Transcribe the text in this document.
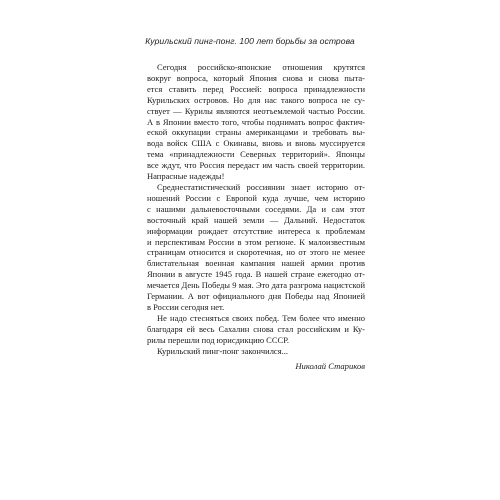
Курильский пинг-понг. 100 лет борьбы за острова
Сегодня российско-японские отношения крутятся
вокруг вопроса, который Япония снова и снова пыта-
ется ставить перед Россией: вопроса принадлежности
Курильских островов. Но для нас такого вопроса не су-
ствует — Курилы являются неотъемлемой частью России.
А в Японии вместо того, чтобы поднимать вопрос фактич-
еской оккупации страны американцами и требовать вы-
вода войск США с Окинавы, вновь и вновь муссируется
тема «принадлежности Северных территорий». Японцы
все ждут, что Россия передаст им часть своей территории.
Напрасные надежды!
Среднестатистический россиянин знает историю от-
ношений России с Европой куда лучше, чем историю
с нашими дальневосточными соседями. Да и сам этот
восточный край нашей земли — Дальний. Недостаток
информации рождает отсутствие интереса к проблемам
и перспективам России в этом регионе. К малоизвестным
страницам относится и скоротечная, но от этого не менее
блистательная военная кампания нашей армии против
Японии в августе 1945 года. В нашей стране ежегодно от-
мечается День Победы 9 мая. Это дата разгрома нацистской
Германии. А вот официального дня Победы над Японией
в России сегодня нет.
Не надо стесняться своих побед. Тем более что именно
благодаря ей весь Сахалин снова стал российским и Ку-
рилы перешли под юрисдикцию СССР.
Курильский пинг-понг закончился...
Николай Стариков
